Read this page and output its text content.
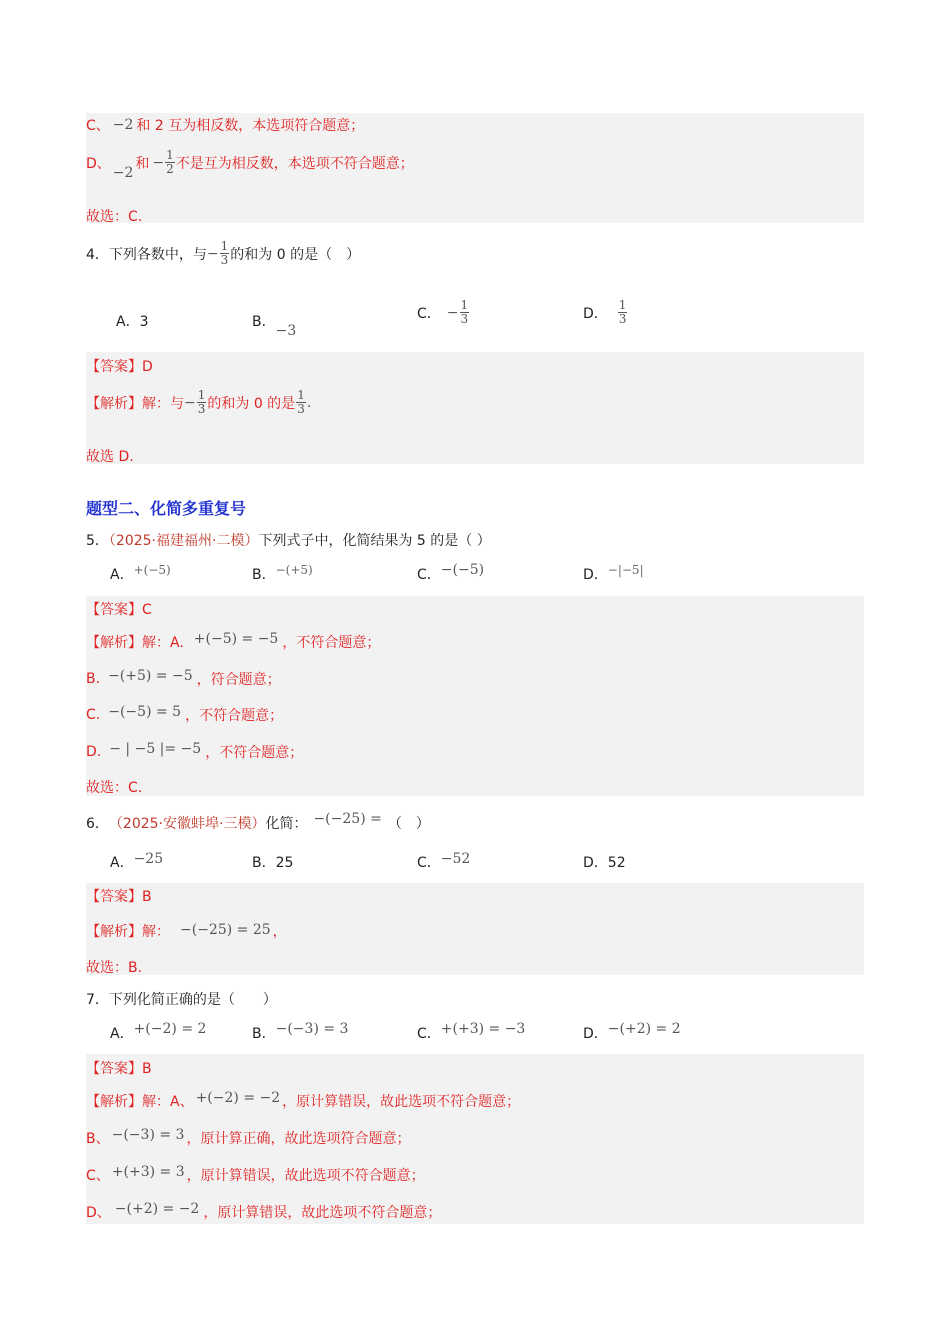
C、 −2 和 2 互为相反数，本选项符合题意；
D、
−2
和 − $\frac{1}{2}$ 不是互为相反数，本选项不符合题意；
故选：C.
4． 下列各数中，与 − $\frac{1}{3}$ 的和为 0 的是（　）
A．3	B．
−3
C． − $\frac{1}{3}$	D． $\frac{1}{3}$
【答案】D
【解析】 解：与 − $\frac{1}{3}$ 的和为 0 的是 $\frac{1}{3}$ .
故选 D.
题型二、化简多重复号
5．（2025·福建福州·二模）下列式子中，化简结果为 5 的是（ ）
A． +(−5)	B． −(+5)	C． −(−5)	D． −|−5|
【答案】C
【解析】 解：A. +(−5) = −5 ，不符合题意；
B. −(+5) = −5 ，符合题意；
C. −(−5) = 5 ，不符合题意；
D. − | −5 |= −5 ，不符合题意；
故选：C.
6． （2025·安徽蚌埠·三模） 化简： −(−25) = （　）
A． −25	B．25	C． −52	D．52
【答案】B
【解析】 解： −(−25) = 25 ，
故选：B.
7．下列化简正确的是（　　）
A． +(−2) = 2	B． −(−3) = 3	C． +(+3) = −3	D． −(+2) = 2
【答案】B
【解析】 解：A、 +(−2) = −2 ，原计算错误，故此选项不符合题意；
B、 −(−3) = 3 ，原计算正确，故此选项符合题意；
C、 +(+3) = 3 ，原计算错误，故此选项不符合题意；
D、 −(+2) = −2 ，原计算错误，故此选项不符合题意；
